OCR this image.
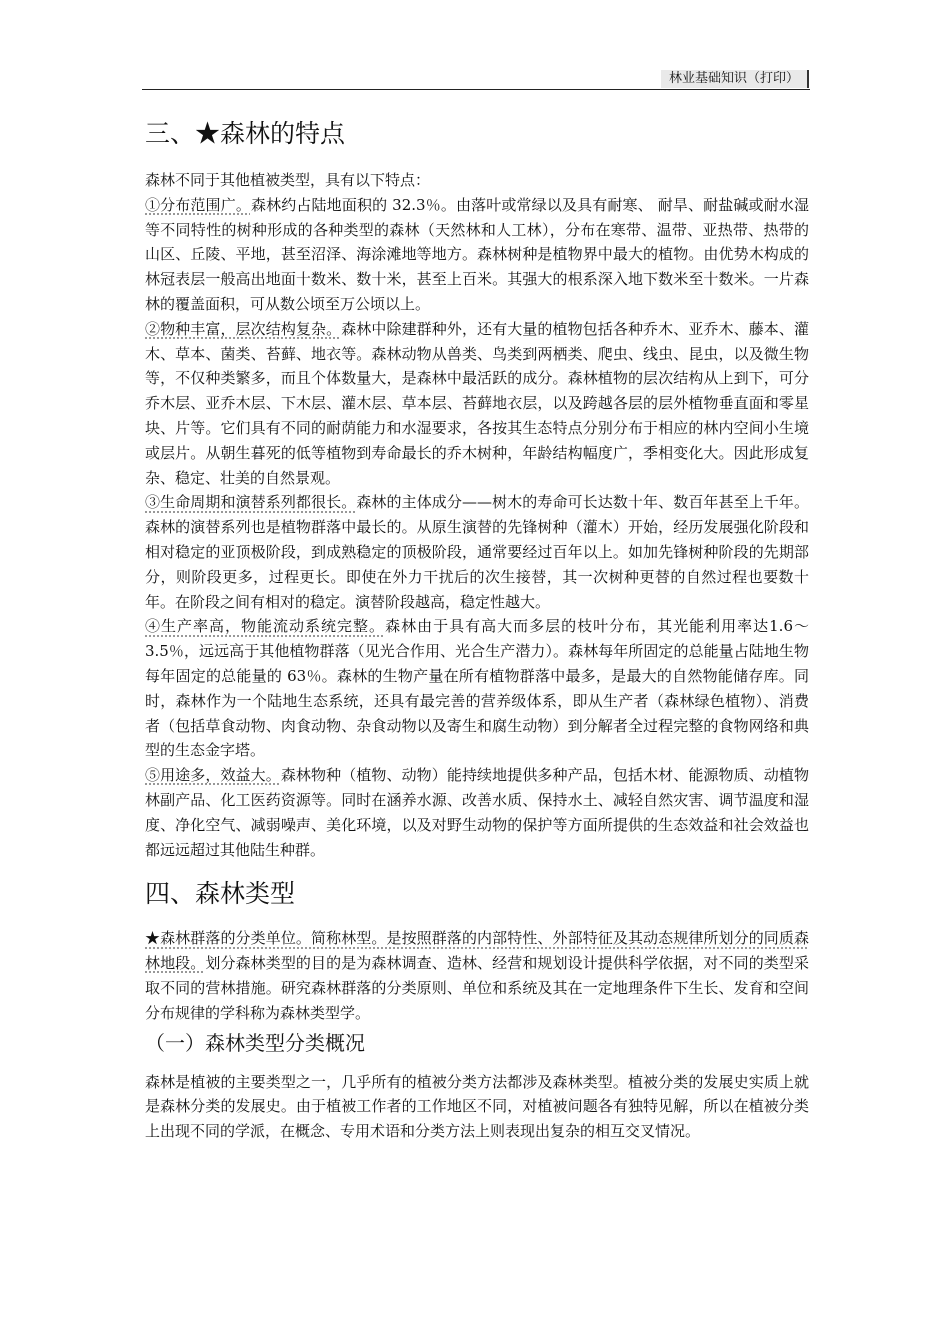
林业基础知识（打印）
三、★森林的特点

森林不同于其他植被类型，具有以下特点：

①分布范围广。森林约占陆地面积的 32.3％。由落叶或常绿以及具有耐寒、 耐旱、耐盐碱或耐水湿等不同特性的树种形成的各种类型的森林（天然林和人工林），分布在寒带、温带、亚热带、热带的山区、丘陵、平地，甚至沼泽、海涂滩地等地方。森林树种是植物界中最大的植物。由优势木构成的林冠表层一般高出地面十数米、数十米，甚至上百米。其强大的根系深入地下数米至十数米。一片森林的覆盖面积，可从数公顷至万公顷以上。

②物种丰富，层次结构复杂。森林中除建群种外，还有大量的植物包括各种乔木、亚乔木、藤本、灌木、草本、菌类、苔藓、地衣等。森林动物从兽类、鸟类到两栖类、爬虫、线虫、昆虫，以及微生物等，不仅种类繁多，而且个体数量大，是森林中最活跃的成分。森林植物的层次结构从上到下，可分乔木层、亚乔木层、下木层、灌木层、草本层、苔藓地衣层，以及跨越各层的层外植物垂直面和零星块、片等。它们具有不同的耐荫能力和水湿要求，各按其生态特点分别分布于相应的林内空间小生境或层片。从朝生暮死的低等植物到寿命最长的乔木树种，年龄结构幅度广，季相变化大。因此形成复杂、稳定、壮美的自然景观。

③生命周期和演替系列都很长。森林的主体成分——树木的寿命可长达数十年、数百年甚至上千年。森林的演替系列也是植物群落中最长的。从原生演替的先锋树种（灌木）开始，经历发展强化阶段和相对稳定的亚顶极阶段，到成熟稳定的顶极阶段，通常要经过百年以上。如加先锋树种阶段的先期部分，则阶段更多，过程更长。即使在外力干扰后的次生接替，其一次树种更替的自然过程也要数十年。在阶段之间有相对的稳定。演替阶段越高，稳定性越大。

④生产率高，物能流动系统完整。森林由于具有高大而多层的枝叶分布，其光能利用率达1.6～3.5％，远远高于其他植物群落（见光合作用、光合生产潜力）。森林每年所固定的总能量占陆地生物每年固定的总能量的 63％。森林的生物产量在所有植物群落中最多，是最大的自然物能储存库。同时，森林作为一个陆地生态系统，还具有最完善的营养级体系，即从生产者（森林绿色植物）、消费者（包括草食动物、肉食动物、杂食动物以及寄生和腐生动物）到分解者全过程完整的食物网络和典型的生态金字塔。

⑤用途多，效益大。森林物种（植物、动物）能持续地提供多种产品，包括木材、能源物质、动植物林副产品、化工医药资源等。同时在涵养水源、改善水质、保持水土、减轻自然灾害、调节温度和湿度、净化空气、减弱噪声、美化环境，以及对野生动物的保护等方面所提供的生态效益和社会效益也都远远超过其他陆生种群。

四、森林类型

★森林群落的分类单位。简称林型。是按照群落的内部特性、外部特征及其动态规律所划分的同质森林地段。划分森林类型的目的是为森林调查、造林、经营和规划设计提供科学依据，对不同的类型采取不同的营林措施。研究森林群落的分类原则、单位和系统及其在一定地理条件下生长、发育和空间分布规律的学科称为森林类型学。

（一）森林类型分类概况

森林是植被的主要类型之一，几乎所有的植被分类方法都涉及森林类型。植被分类的发展史实质上就是森林分类的发展史。由于植被工作者的工作地区不同，对植被问题各有独特见解，所以在植被分类上出现不同的学派，在概念、专用术语和分类方法上则表现出复杂的相互交叉情况。
